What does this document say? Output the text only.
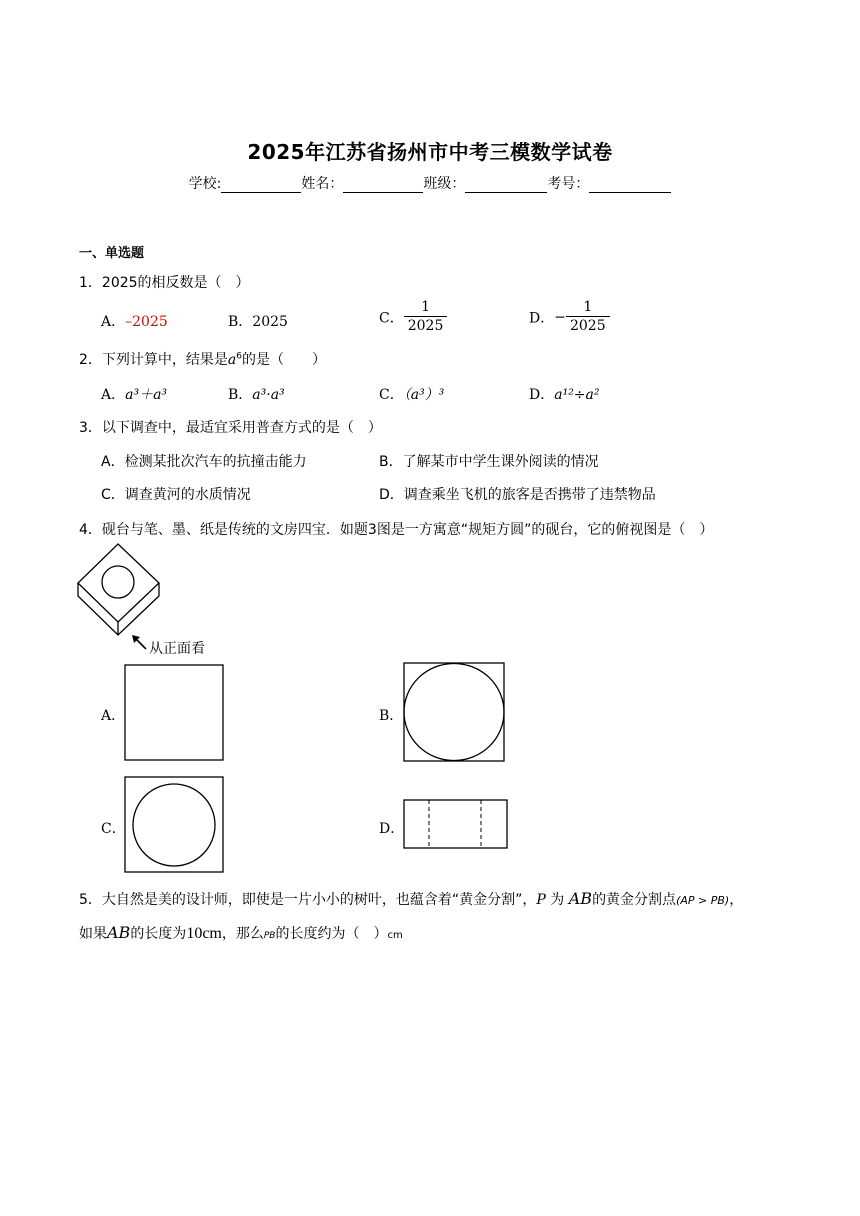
2025年江苏省扬州市中考三模数学试卷
学校:	姓名：	班级：	考号：
一、单选题
1．2025的相反数是（　）
A．–2025	B．2025	C． $\frac{1}{2025}$	D．− $\frac{1}{2025}$
2．下列计算中，结果是$a^6$的是（　　）
A．a³＋a³	B．a³·a³	C．（a³）³	D．a¹²÷a²
3．以下调查中，最适宜采用普查方式的是（　）
A．检测某批次汽车的抗撞击能力	B．了解某市中学生课外阅读的情况
C．调查黄河的水质情况	D．调查乘坐飞机的旅客是否携带了违禁物品
4．砚台与笔、墨、纸是传统的文房四宝．如题3图是一方寓意“规矩方圆”的砚台，它的俯视图是（　）
从正面看
A．	B．
C．	D．
5．大自然是美的设计师，即使是一片小小的树叶，也蕴含着“黄金分割”，P 为 AB的黄金分割点(AP > PB)，
如果AB的长度为10cm，那么PB的长度约为（　）cm
